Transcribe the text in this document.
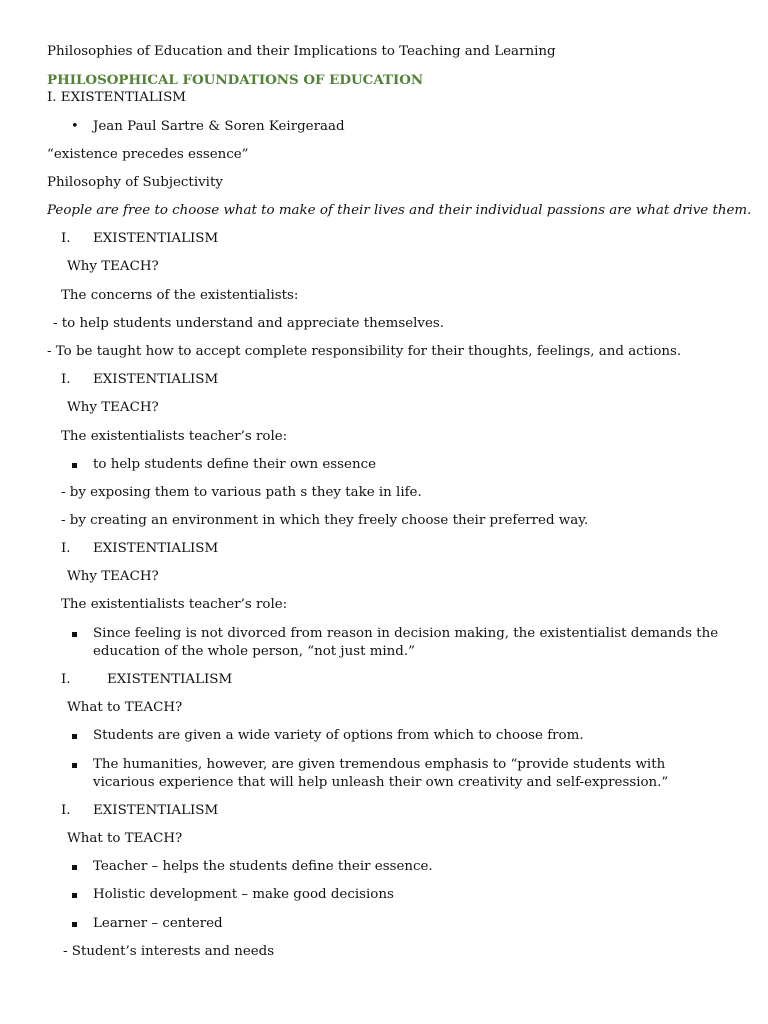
Philosophies of Education and their Implications to Teaching and Learning
PHILOSOPHICAL FOUNDATIONS OF EDUCATION
I. EXISTENTIALISM
• Jean Paul Sartre & Soren Keirgeraad
“existence precedes essence”
Philosophy of Subjectivity
People are free to choose what to make of their lives and their individual passions are what drive them.
I. EXISTENTIALISM
Why TEACH?
The concerns of the existentialists:
- to help students understand and appreciate themselves.
- To be taught how to accept complete responsibility for their thoughts, feelings, and actions.
I. EXISTENTIALISM
Why TEACH?
The existentialists teacher’s role:
to help students define their own essence
- by exposing them to various path s they take in life.
- by creating an environment in which they freely choose their preferred way.
I. EXISTENTIALISM
Why TEACH?
The existentialists teacher’s role:
Since feeling is not divorced from reason in decision making, the existentialist demands the education of the whole person, “not just mind.”
I.	EXISTENTIALISM
What to TEACH?
Students are given a wide variety of options from which to choose from.
The humanities, however, are given tremendous emphasis to “provide students with vicarious experience that will help unleash their own creativity and self-expression.”
I. EXISTENTIALISM
What to TEACH?
Teacher – helps the students define their essence.
Holistic development – make good decisions
Learner – centered
- Student’s interests and needs
